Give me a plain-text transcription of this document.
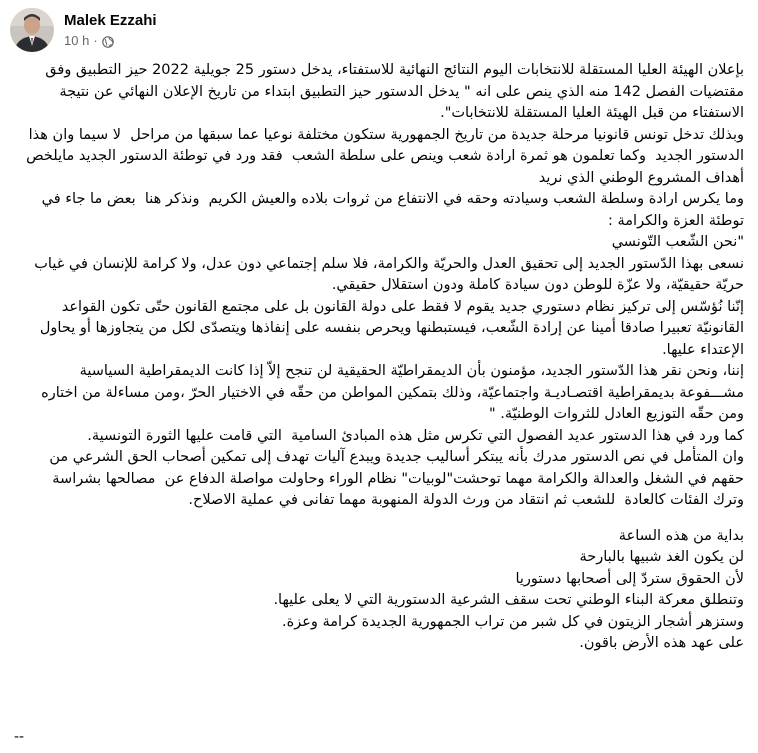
Malek Ezzahi
10 h ·

بإعلان الهيئة العليا المستقلة للانتخابات اليوم النتائج النهائية للاستفتاء، يدخل دستور 25 جويلية 2022 حيز التطبيق وفق مقتضيات الفصل 142 منه الذي ينص على انه " يدخل الدستور حيز التطبيق ابتداء من تاريخ الإعلان النهائي عن نتيجة الاستفتاء من قبل الهيئة العليا المستقلة للانتخابات".

وبذلك تدخل تونس قانونيا مرحلة جديدة من تاريخ الجمهورية ستكون مختلفة نوعيا عما سبقها من مراحل  لا سيما وان هذا الدستور الجديد  وكما تعلمون هو ثمرة ارادة شعب وينص على سلطة الشعب  فقد ورد في توطئة الدستور الجديد مايلخص أهداف المشروع الوطني الذي نريد

وما يكرس ارادة وسلطة الشعب وسيادته وحقه في الانتفاع من ثروات بلاده والعيش الكريم  ونذكر هنا  بعض ما جاء في توطئة العزة والكرامة :

"نحن الشّعب التّونسي

نسعى بهذا الدّستور الجديد إلى تحقيق العدل والحريّة والكرامة، فلا سلم إجتماعي دون عدل، ولا كرامة للإنسان في غياب حريّة حقيقيّة، ولا عزّة للوطن دون سيادة كاملة ودون استقلال حقيقي.

إنّنا نُؤسّس إلى تركيز نظام دستوري جديد يقوم لا فقط على دولة القانون بل على مجتمع القانون حتّى تكون القواعد القانونيّة تعبيرا صادقا أمينا عن إرادة الشّعب، فيستبطنها ويحرص بنفسه على إنفاذها ويتصدّى لكل من يتجاوزها أو يحاول الإعتداء عليها.

إننا، ونحن نقر هذا الدّستور الجديد، مؤمنون بأن الديمقراطيّة الحقيقية لن تنجح إلاّ إذا كانت الديمقراطية السياسية مشـــفوعة بديمقراطية اقتصـاديـة واجتماعيّة، وذلك بتمكين المواطن من حقّه في الاختيار الحرّ ،ومن مساءلة من اختاره ومن حقّه التوزيع العادل للثروات الوطنيّة. "

كما ورد في هذا الدستور عديد الفصول التي تكرس مثل هذه المبادئ السامية  التي قامت عليها الثورة التونسية.

وان المتأمل في نص الدستور مدرك بأنه يبتكر أساليب جديدة ويبدع آليات تهدف إلى تمكين أصحاب الحق الشرعي من حقهم في الشغل والعدالة والكرامة مهما توحشت"لوبيات" نظام الوراء وحاولت مواصلة الدفاع عن  مصالحها بشراسة  وترك الفئات كالعادة  للشعب ثم انتقاد من ورث الدولة المنهوبة مهما تفانى في عملية الاصلاح.

بداية من هذه الساعة

لن يكون الغد شبيها بالبارحة

لأن الحقوق ستردّ إلى أصحابها دستوريا

وتنطلق معركة البناء الوطني تحت سقف الشرعية الدستورية التي لا يعلى عليها.

وستزهر أشجار الزيتون في كل شبر من تراب الجمهورية الجديدة كرامة وعزة.

على عهد هذه الأرض باقون.

--
